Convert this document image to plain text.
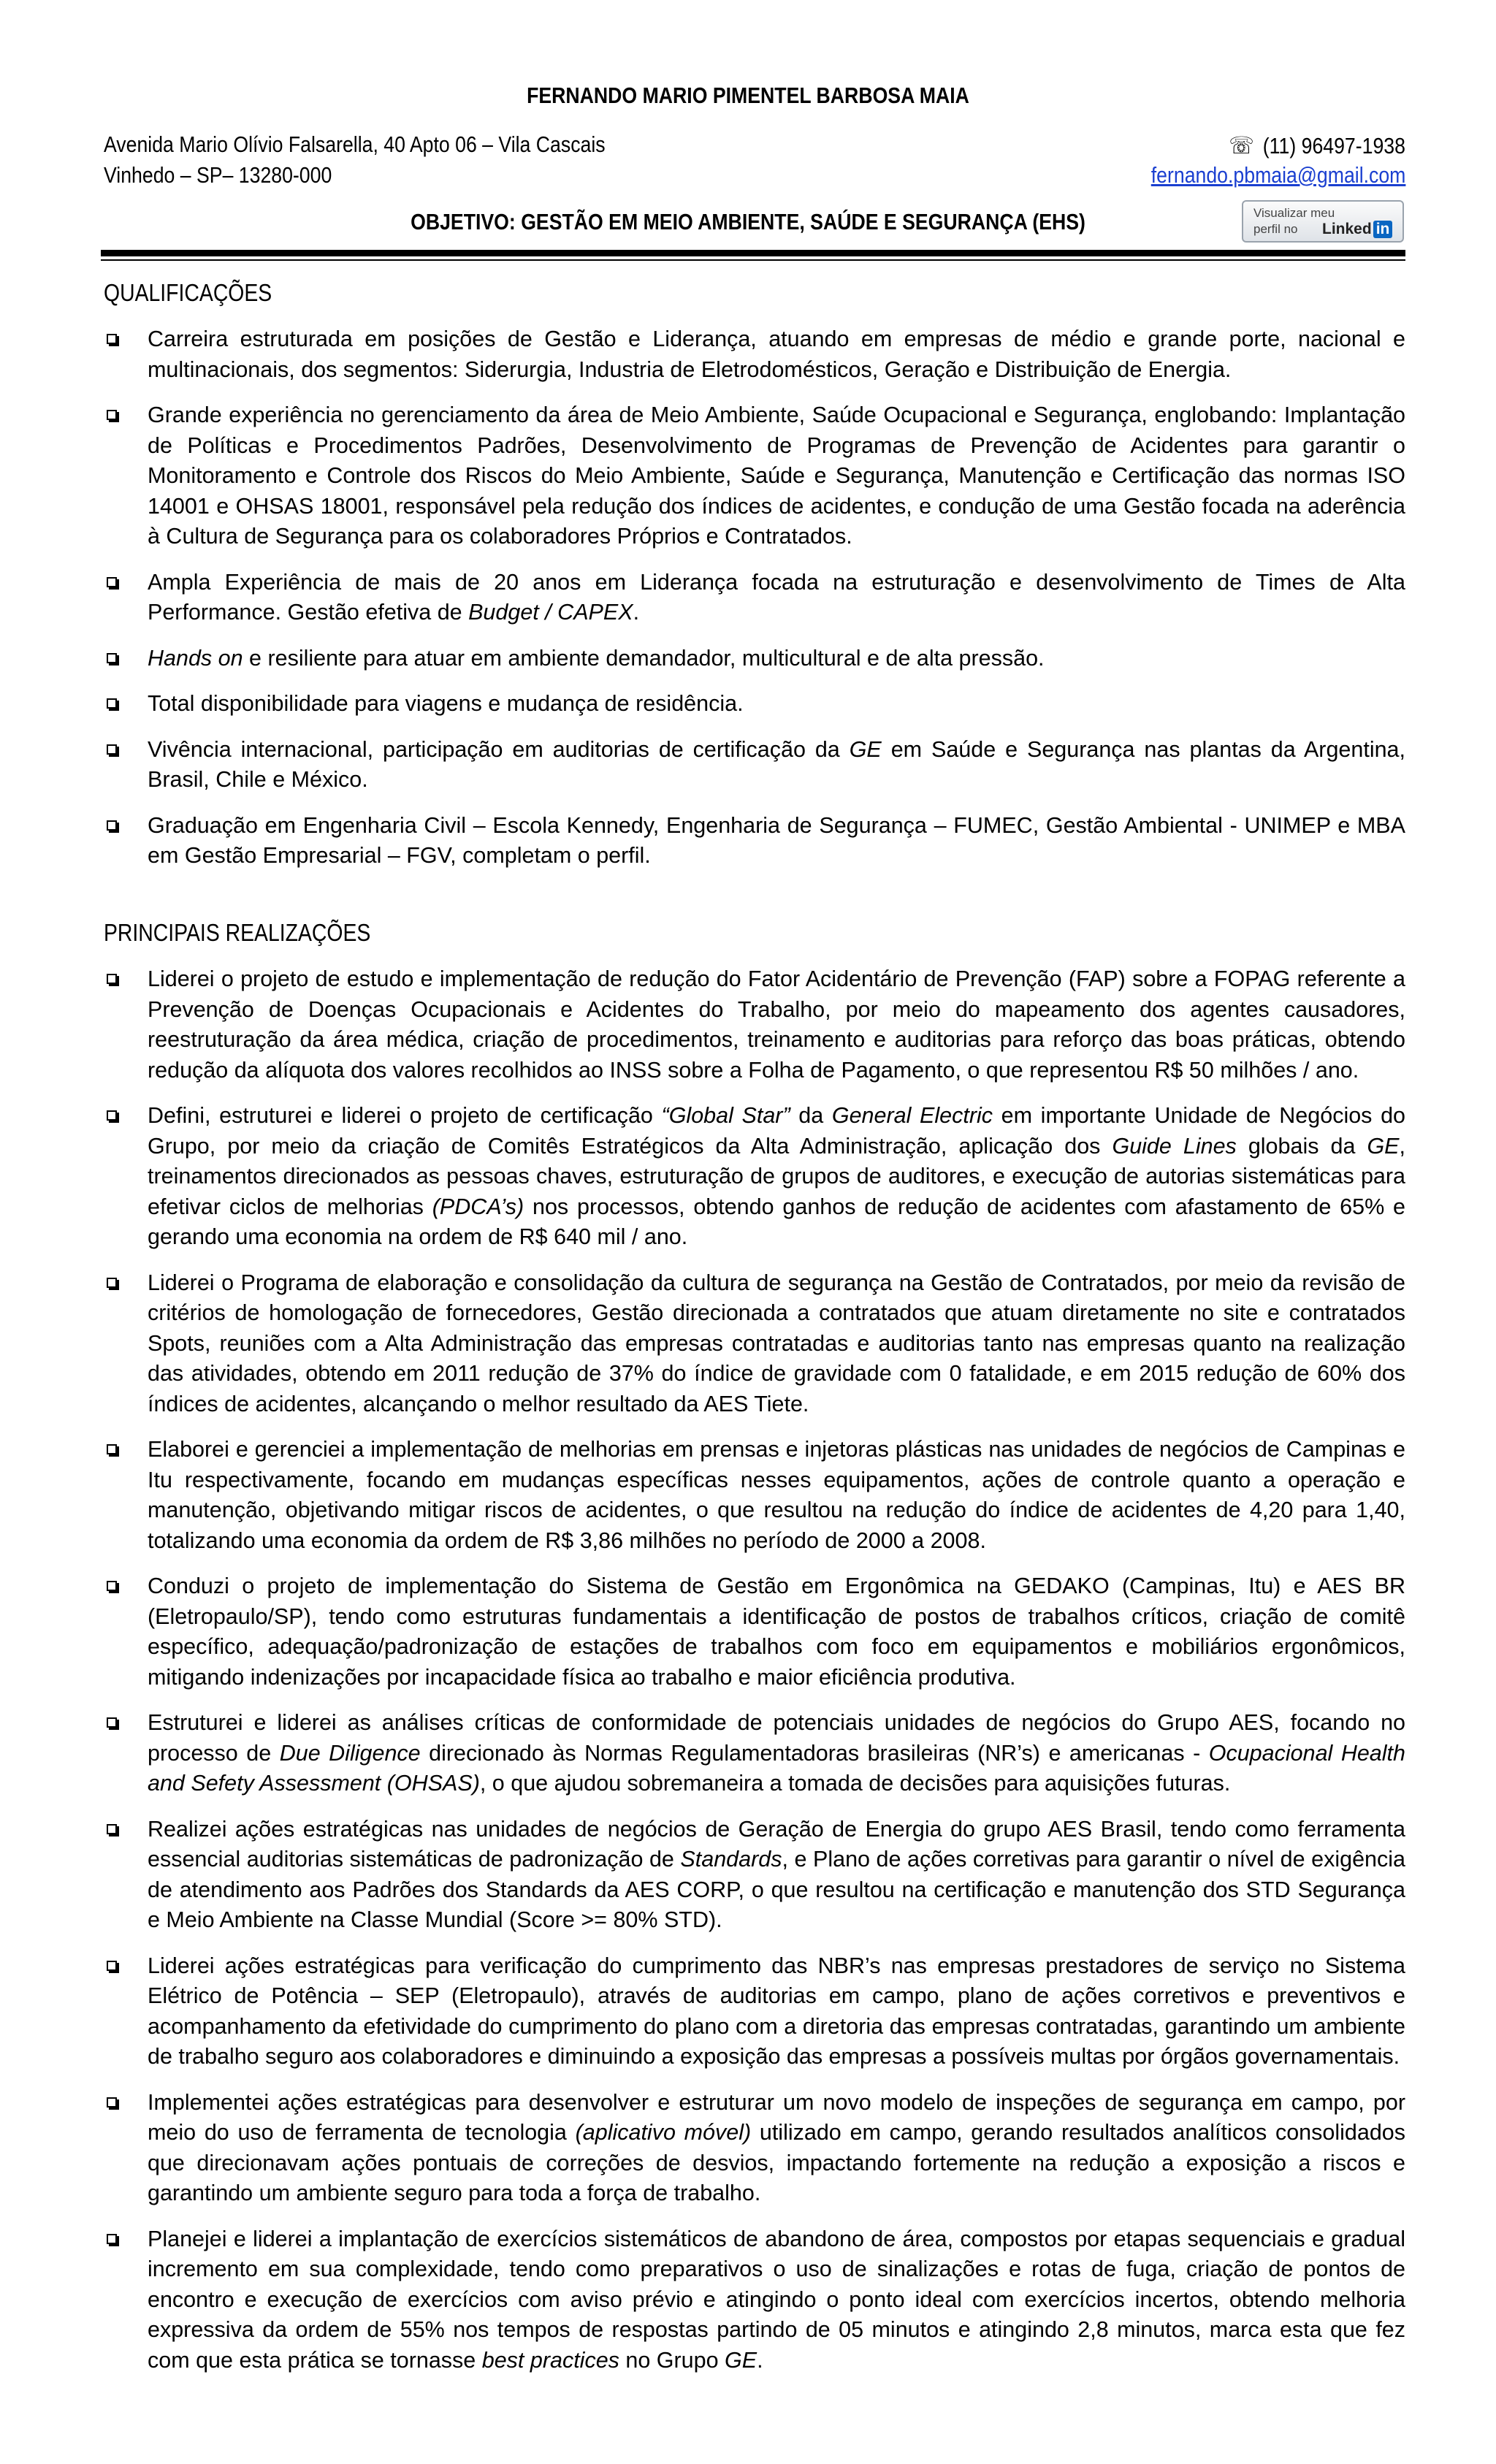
FERNANDO MARIO PIMENTEL BARBOSA MAIA
Avenida Mario Olívio Falsarella, 40 Apto 06 – Vila Cascais
Vinhedo – SP– 13280-000
☏ (11) 96497-1938
fernando.pbmaia@gmail.com
OBJETIVO: GESTÃO EM MEIO AMBIENTE, SAÚDE E SEGURANÇA (EHS)	Visualizar meu
perfil no Linked in
QUALIFICAÇÕES
Carreira estruturada em posições de Gestão e Liderança, atuando em empresas de médio e grande porte, nacional e multinacionais, dos segmentos: Siderurgia, Industria de Eletrodomésticos, Geração e Distribuição de Energia.
Grande experiência no gerenciamento da área de Meio Ambiente, Saúde Ocupacional e Segurança, englobando: Implantação de Políticas e Procedimentos Padrões, Desenvolvimento de Programas de Prevenção de Acidentes para garantir o Monitoramento e Controle dos Riscos do Meio Ambiente, Saúde e Segurança, Manutenção e Certificação das normas ISO 14001 e OHSAS 18001, responsável pela redução dos índices de acidentes, e condução de uma Gestão focada na aderência à Cultura de Segurança para os colaboradores Próprios e Contratados.
Ampla Experiência de mais de 20 anos em Liderança focada na estruturação e desenvolvimento de Times de Alta Performance. Gestão efetiva de Budget / CAPEX.
Hands on e resiliente para atuar em ambiente demandador, multicultural e de alta pressão.
Total disponibilidade para viagens e mudança de residência.
Vivência internacional, participação em auditorias de certificação da GE em Saúde e Segurança nas plantas da Argentina, Brasil, Chile e México.
Graduação em Engenharia Civil – Escola Kennedy, Engenharia de Segurança – FUMEC, Gestão Ambiental - UNIMEP e MBA em Gestão Empresarial – FGV, completam o perfil.
PRINCIPAIS REALIZAÇÕES
Liderei o projeto de estudo e implementação de redução do Fator Acidentário de Prevenção (FAP) sobre a FOPAG referente a Prevenção de Doenças Ocupacionais e Acidentes do Trabalho, por meio do mapeamento dos agentes causadores, reestruturação da área médica, criação de procedimentos, treinamento e auditorias para reforço das boas práticas, obtendo redução da alíquota dos valores recolhidos ao INSS sobre a Folha de Pagamento, o que representou R$ 50 milhões / ano.
Defini, estruturei e liderei o projeto de certificação “Global Star” da General Electric em importante Unidade de Negócios do Grupo, por meio da criação de Comitês Estratégicos da Alta Administração, aplicação dos Guide Lines globais da GE, treinamentos direcionados as pessoas chaves, estruturação de grupos de auditores, e execução de autorias sistemáticas para efetivar ciclos de melhorias (PDCA’s) nos processos, obtendo ganhos de redução de acidentes com afastamento de 65% e gerando uma economia na ordem de R$ 640 mil / ano.
Liderei o Programa de elaboração e consolidação da cultura de segurança na Gestão de Contratados, por meio da revisão de critérios de homologação de fornecedores, Gestão direcionada a contratados que atuam diretamente no site e contratados Spots, reuniões com a Alta Administração das empresas contratadas e auditorias tanto nas empresas quanto na realização das atividades, obtendo em 2011 redução de 37% do índice de gravidade com 0 fatalidade, e em 2015 redução de 60% dos índices de acidentes, alcançando o melhor resultado da AES Tiete.
Elaborei e gerenciei a implementação de melhorias em prensas e injetoras plásticas nas unidades de negócios de Campinas e Itu respectivamente, focando em mudanças específicas nesses equipamentos, ações de controle quanto a operação e manutenção, objetivando mitigar riscos de acidentes, o que resultou na redução do índice de acidentes de 4,20 para 1,40, totalizando uma economia da ordem de R$ 3,86 milhões no período de 2000 a 2008.
Conduzi o projeto de implementação do Sistema de Gestão em Ergonômica na GEDAKO (Campinas, Itu) e AES BR (Eletropaulo/SP), tendo como estruturas fundamentais a identificação de postos de trabalhos críticos, criação de comitê específico, adequação/padronização de estações de trabalhos com foco em equipamentos e mobiliários ergonômicos, mitigando indenizações por incapacidade física ao trabalho e maior eficiência produtiva.
Estruturei e liderei as análises críticas de conformidade de potenciais unidades de negócios do Grupo AES, focando no processo de Due Diligence direcionado às Normas Regulamentadoras brasileiras (NR’s) e americanas - Ocupacional Health and Sefety Assessment (OHSAS), o que ajudou sobremaneira a tomada de decisões para aquisições futuras.
Realizei ações estratégicas nas unidades de negócios de Geração de Energia do grupo AES Brasil, tendo como ferramenta essencial auditorias sistemáticas de padronização de Standards, e Plano de ações corretivas para garantir o nível de exigência de atendimento aos Padrões dos Standards da AES CORP, o que resultou na certificação e manutenção dos STD Segurança e Meio Ambiente na Classe Mundial (Score >= 80% STD).
Liderei ações estratégicas para verificação do cumprimento das NBR’s nas empresas prestadores de serviço no Sistema Elétrico de Potência – SEP (Eletropaulo), através de auditorias em campo, plano de ações corretivos e preventivos e acompanhamento da efetividade do cumprimento do plano com a diretoria das empresas contratadas, garantindo um ambiente de trabalho seguro aos colaboradores e diminuindo a exposição das empresas a possíveis multas por órgãos governamentais.
Implementei ações estratégicas para desenvolver e estruturar um novo modelo de inspeções de segurança em campo, por meio do uso de ferramenta de tecnologia (aplicativo móvel) utilizado em campo, gerando resultados analíticos consolidados que direcionavam ações pontuais de correções de desvios, impactando fortemente na redução a exposição a riscos e garantindo um ambiente seguro para toda a força de trabalho.
Planejei e liderei a implantação de exercícios sistemáticos de abandono de área, compostos por etapas sequenciais e gradual incremento em sua complexidade, tendo como preparativos o uso de sinalizações e rotas de fuga, criação de pontos de encontro e execução de exercícios com aviso prévio e atingindo o ponto ideal com exercícios incertos, obtendo melhoria expressiva da ordem de 55% nos tempos de respostas partindo de 05 minutos e atingindo 2,8 minutos, marca esta que fez com que esta prática se tornasse best practices no Grupo GE.
